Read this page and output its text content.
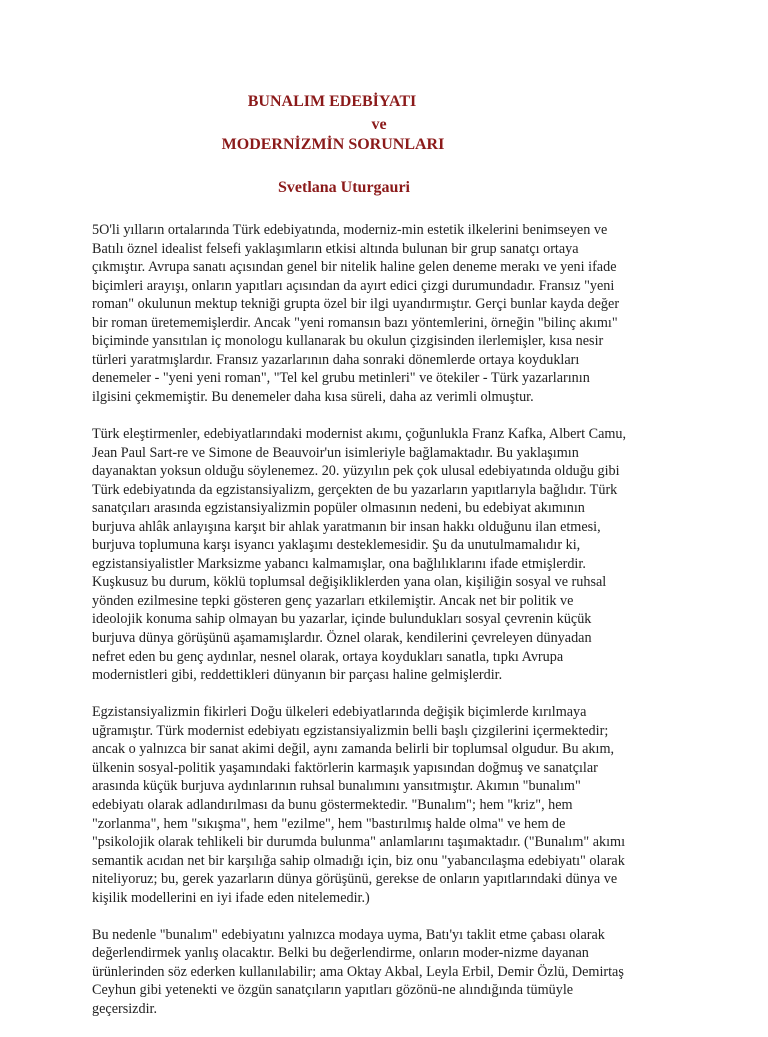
BUNALIM EDEBİYATI
ve
MODERNİZMİN SORUNLARI
Svetlana Uturgauri
5O'li yılların ortalarında Türk edebiyatında, moderniz-min estetik ilkelerini benimseyen ve
Batılı öznel idealist felsefi yaklaşımların etkisi altında bulunan bir grup sanatçı ortaya
çıkmıştır. Avrupa sanatı açısından genel bir nitelik haline gelen deneme merakı ve yeni ifade
biçimleri arayışı, onların yapıtları açısından da ayırt edici çizgi durumundadır. Fransız "yeni
roman" okulunun mektup tekniği grupta özel bir ilgi uyandırmıştır. Gerçi bunlar kayda değer
bir roman üretememişlerdir. Ancak "yeni romansın bazı yöntemlerini, örneğin "bilinç akımı"
biçiminde yansıtılan iç monologu kullanarak bu okulun çizgisinden ilerlemişler, kısa nesir
türleri yaratmışlardır. Fransız yazarlarının daha sonraki dönemlerde ortaya koydukları
denemeler - "yeni yeni roman", "Tel kel grubu metinleri" ve ötekiler - Türk yazarlarının
ilgisini çekmemiştir. Bu denemeler daha kısa süreli, daha az verimli olmuştur.
Türk eleştirmenler, edebiyatlarındaki modernist akımı, çoğunlukla Franz Kafka, Albert Camu,
Jean Paul Sart-re ve Simone de Beauvoir'un isimleriyle bağlamaktadır. Bu yaklaşımın
dayanaktan yoksun olduğu söylenemez. 20. yüzyılın pek çok ulusal edebiyatında olduğu gibi
Türk edebiyatında da egzistansiyalizm, gerçekten de bu yazarların yapıtlarıyla bağlıdır. Türk
sanatçıları arasında egzistansiyalizmin popüler olmasının nedeni, bu edebiyat akımının
burjuva ahlâk anlayışına karşıt bir ahlak yaratmanın bir insan hakkı olduğunu ilan etmesi,
burjuva toplumuna karşı isyancı yaklaşımı desteklemesidir. Şu da unutulmamalıdır ki,
egzistansiyalistler Marksizme yabancı kalmamışlar, ona bağlılıklarını ifade etmişlerdir.
Kuşkusuz bu durum, köklü toplumsal değişikliklerden yana olan, kişiliğin sosyal ve ruhsal
yönden ezilmesine tepki gösteren genç yazarları etkilemiştir. Ancak net bir politik ve
ideolojik konuma sahip olmayan bu yazarlar, içinde bulundukları sosyal çevrenin küçük
burjuva dünya görüşünü aşamamışlardır. Öznel olarak, kendilerini çevreleyen dünyadan
nefret eden bu genç aydınlar, nesnel olarak, ortaya koydukları sanatla, tıpkı Avrupa
modernistleri gibi, reddettikleri dünyanın bir parçası haline gelmişlerdir.
Egzistansiyalizmin fikirleri Doğu ülkeleri edebiyatlarında değişik biçimlerde kırılmaya
uğramıştır. Türk modernist edebiyatı egzistansiyalizmin belli başlı çizgilerini içermektedir;
ancak o yalnızca bir sanat akimi değil, aynı zamanda belirli bir toplumsal olgudur. Bu akım,
ülkenin sosyal-politik yaşamındaki faktörlerin karmaşık yapısından doğmuş ve sanatçılar
arasında küçük burjuva aydınlarının ruhsal bunalımını yansıtmıştır. Akımın "bunalım"
edebiyatı olarak adlandırılması da bunu göstermektedir. "Bunalım"; hem "kriz", hem
"zorlanma", hem "sıkışma", hem "ezilme", hem "bastırılmış halde olma" ve hem de
"psikolojik olarak tehlikeli bir durumda bulunma" anlamlarını taşımaktadır. ("Bunalım" akımı
semantik acıdan net bir karşılığa sahip olmadığı için, biz onu "yabancılaşma edebiyatı" olarak
niteliyoruz; bu, gerek yazarların dünya görüşünü, gerekse de onların yapıtlarındaki dünya ve
kişilik modellerini en iyi ifade eden nitelemedir.)
Bu nedenle "bunalım" edebiyatını yalnızca modaya uyma, Batı'yı taklit etme çabası olarak
değerlendirmek yanlış olacaktır. Belki bu değerlendirme, onların moder-nizme dayanan
ürünlerinden söz ederken kullanılabilir; ama Oktay Akbal, Leyla Erbil, Demir Özlü, Demirtaş
Ceyhun gibi yetenekti ve özgün sanatçıların yapıtları gözönü-ne alındığında tümüyle
geçersizdir.
